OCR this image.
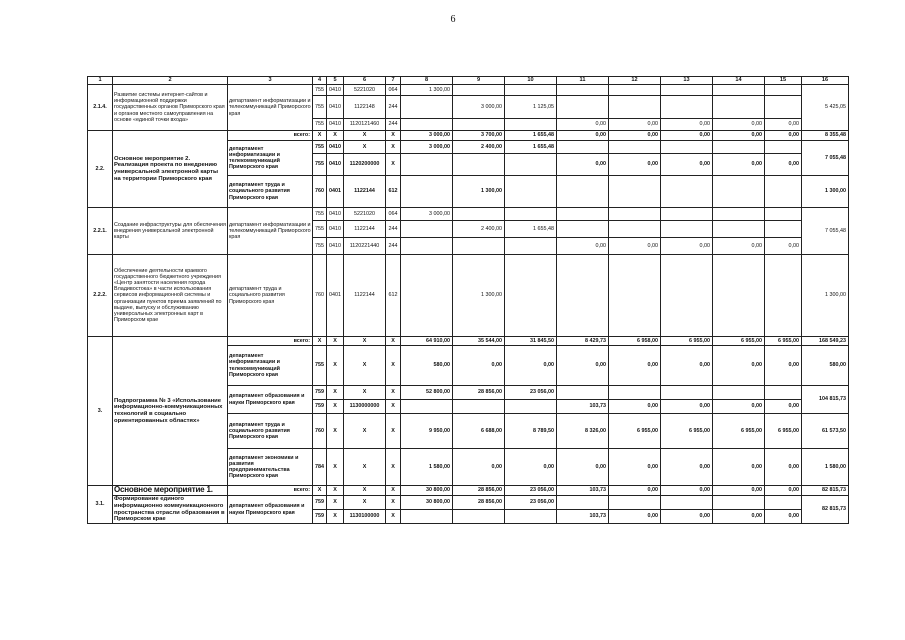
6
1	2	3	4	5	6	7	8	9	10	11	12	13	14	15	16
2.1.4.	Развитие системы интернет-сайтов и информационной поддержки государственных органов Приморского края и органов местного самоуправления на основе «единой точки входа»	департамент информатизации и телекоммуникаций Приморского края	755	0410	5221020	064	1 300,00								5 425,05
			755	0410	1122148	244		3 000,00	1 125,05						
			755	0410	1120121460	244				0,00	0,00	0,00	0,00	0,00	
2.2.	Основное мероприятие 2. Реализация проекта по внедрению универсальной электронной карты на территории Приморского края	всего:	X	X	X	X	3 000,00	3 700,00	1 655,48	0,00	0,00	0,00	0,00	0,00	8 355,48
		департамент информатизации и телекоммуникаций Приморского края	755	0410	X	X	3 000,00	2 400,00	1 655,48						7 055,48
			755	0410	1120200000	X				0,00	0,00	0,00	0,00	0,00	
		департамент труда и социального развития Приморского края	760	0401	1122144	612		1 300,00							1 300,00
2.2.1.	Создание инфраструктуры для обеспечения внедрения универсальной электронной карты	департамент информатизации и телекоммуникаций Приморского края	755	0410	5221020	064	3 000,00								7 055,48
			755	0410	1122144	244		2 400,00	1 655,48						
			755	0410	1120221440	244				0,00	0,00	0,00	0,00	0,00	
2.2.2.	Обеспечение деятельности краевого государственного бюджетного учреждения «Центр занятости населения города Владивостока» в части использования сервисов информационной системы и организации пунктов приема заявлений по выдаче, выпуску и обслуживанию универсальных электронных карт в Приморском крае	департамент труда и социального развития Приморского края	760	0401	1122144	612		1 300,00							1 300,00
3.	Подпрограмма № 3 «Использование информационно-коммуникационных технологий в социально ориентированных областях»	всего:	X	X	X	X	64 910,00	35 544,00	31 845,50	8 429,73	6 958,00	6 955,00	6 955,00	6 955,00	168 549,23
		департамент информатизации и телекоммуникаций Приморского края	755	X	X	X	580,00	0,00	0,00	0,00	0,00	0,00	0,00	0,00	580,00
		департамент образования и науки Приморского края	759	X	X	X	52 800,00	28 856,00	23 056,00						104 815,73
			759	X	1130000000	X				103,73	0,00	0,00	0,00	0,00	
		департамент труда и социального развития Приморского края	760	X	X	X	9 950,00	6 688,00	8 789,50	8 326,00	6 955,00	6 955,00	6 955,00	6 955,00	61 573,50
		департамент экономики и развития предпринимательства Приморского края	784	X	X	X	1 580,00	0,00	0,00	0,00	0,00	0,00	0,00	0,00	1 580,00
3.1.	Основное мероприятие 1.	всего:	X	X	X	X	30 800,00	28 856,00	23 056,00	103,73	0,00	0,00	0,00	0,00	82 815,73
	Формирование единого информационно коммуникационного пространства отрасли образования в Приморском крае	департамент образования и науки Приморского края	759	X	X	X	30 800,00	28 856,00	23 056,00						82 815,73
			759	X	1130100000	X				103,73	0,00	0,00	0,00	0,00	
